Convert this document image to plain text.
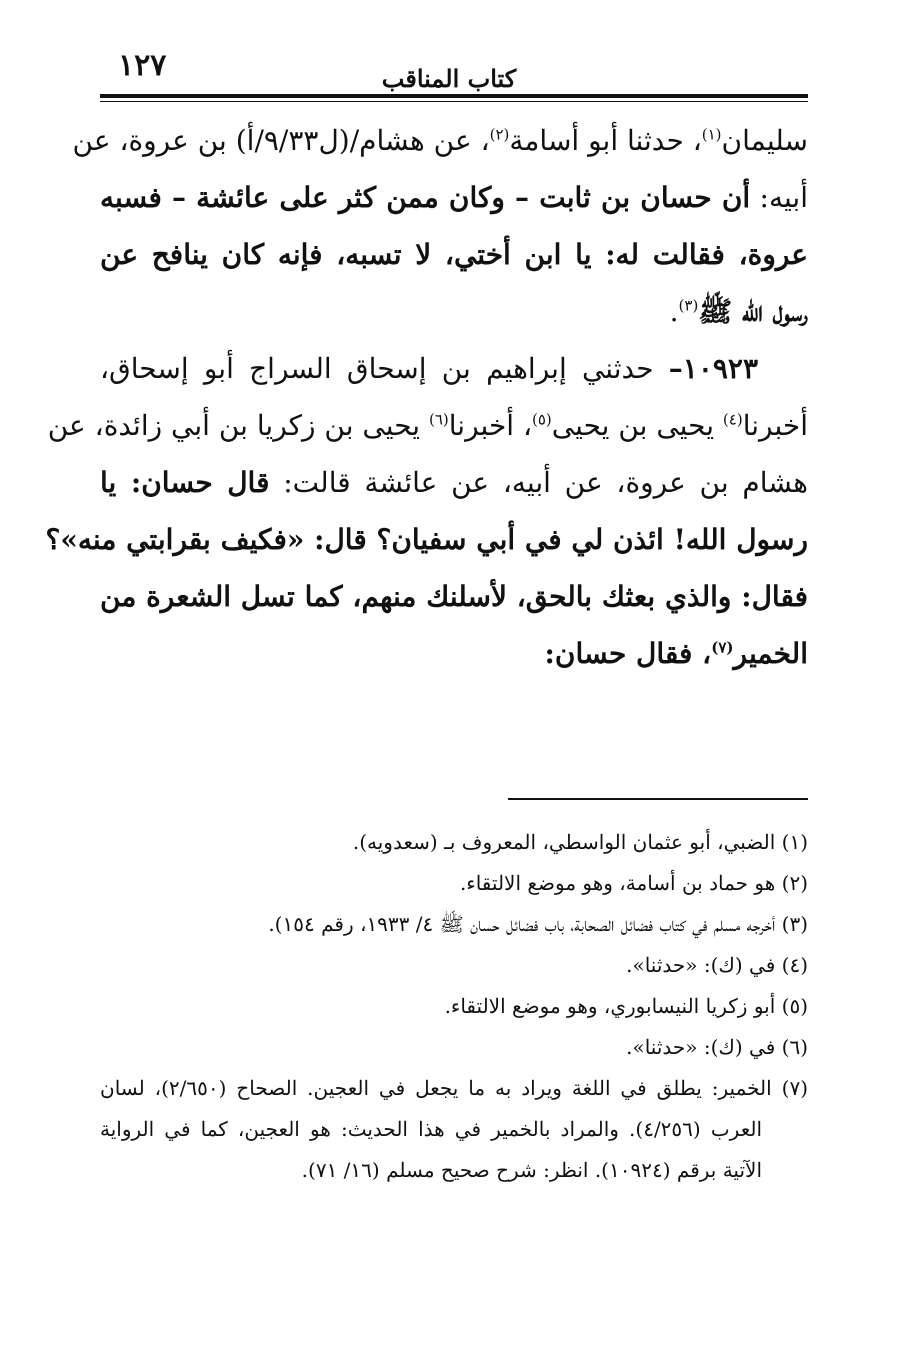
١٢٧	كتاب المناقب
سليمان$^{(١)}$، حدثنا أبو أسامة$^{(٢)}$، عن هشام/(ل٩/٣٣/أ) بن عروة، عن
أبيه: أن حسان بن ثابت – وكان ممن كثر على عائشة – فسبه
عروة، فقالت له: يا ابن أختي، لا تسبه، فإنه كان ينافح عن
رسول الله ﷺ$^{(٣)}$.
١٠٩٢٣– حدثني إبراهيم بن إسحاق السراج أبو إسحاق،
أخبرنا$^{(٤)}$ يحيى بن يحيى$^{(٥)}$، أخبرنا$^{(٦)}$ يحيى بن زكريا بن أبي زائدة، عن
هشام بن عروة، عن أبيه، عن عائشة قالت: قال حسان: يا
رسول الله! ائذن لي في أبي سفيان؟ قال: «فكيف بقرابتي منه»؟
فقال: والذي بعثك بالحق، لأسلنك منهم، كما تسل الشعرة من
الخمير$^{(٧)}$، فقال حسان:
(١) الضبي، أبو عثمان الواسطي، المعروف بـ (سعدويه).
(٢) هو حماد بن أسامة، وهو موضع الالتقاء.
(٣) أخرجه مسلم في كتاب فضائل الصحابة، باب فضائل حسان ﷺ ٤/ ١٩٣٣، رقم ١٥٤).
(٤) في (ك): «حدثنا».
(٥) أبو زكريا النيسابوري، وهو موضع الالتقاء.
(٦) في (ك): «حدثنا».
(٧) الخمير: يطلق في اللغة ويراد به ما يجعل في العجين. الصحاح (٢/٦٥٠)، لسان
العرب (٤/٢٥٦). والمراد بالخمير في هذا الحديث: هو العجين، كما في الرواية
الآتية برقم (١٠٩٢٤). انظر: شرح صحيح مسلم (١٦/ ٧١).
